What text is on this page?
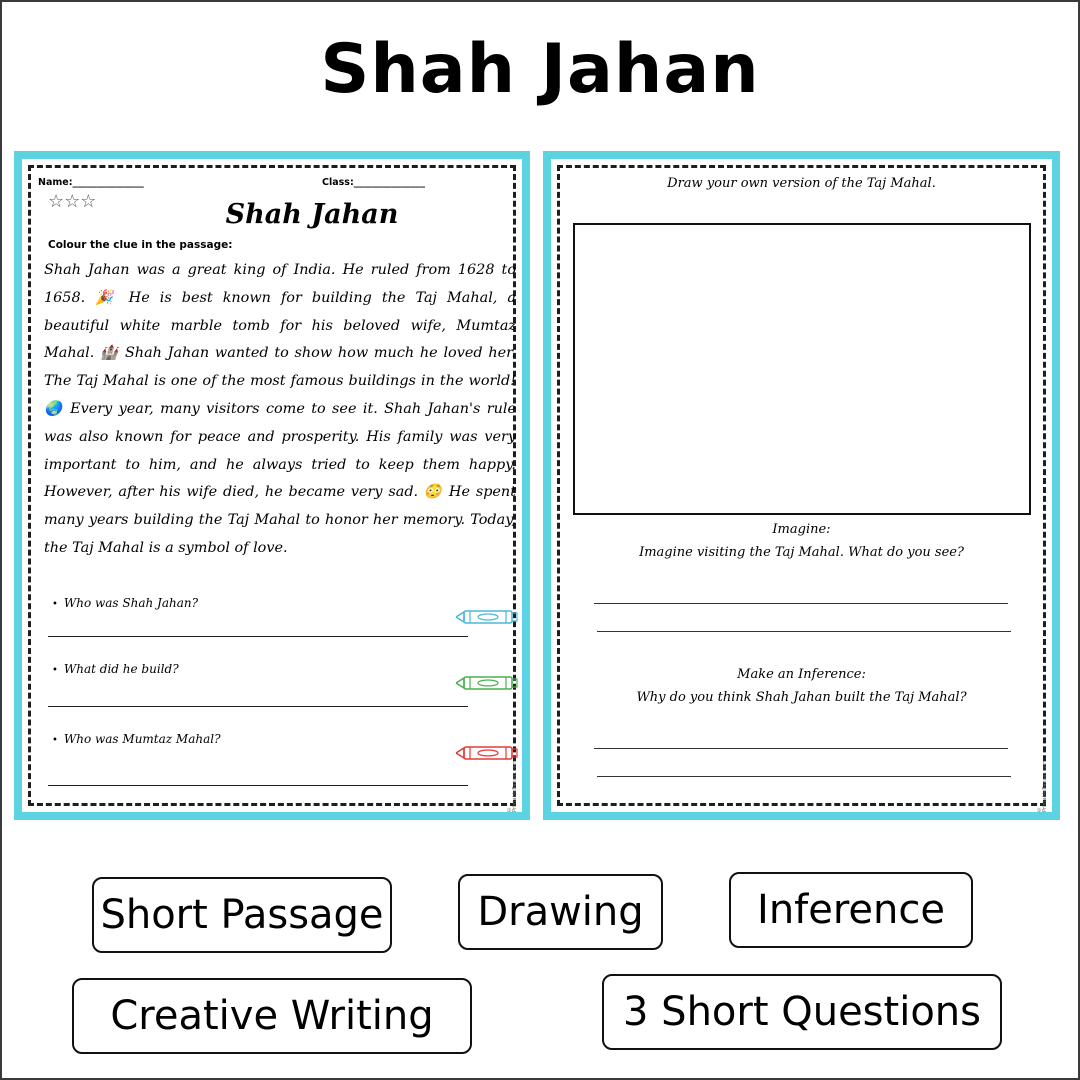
Shah Jahan
Name:_______________	Class:_______________
☆☆☆	Shah Jahan
Colour the clue in the passage:
Shah Jahan was a great king of India. He ruled from 1628 to 1658. 🎉 He is best known for building the Taj Mahal, a beautiful white marble tomb for his beloved wife, Mumtaz Mahal. 🏰 Shah Jahan wanted to show how much he loved her. The Taj Mahal is one of the most famous buildings in the world! 🌏 Every year, many visitors come to see it. Shah Jahan's rule was also known for peace and prosperity. His family was very important to him, and he always tried to keep them happy. However, after his wife died, he became very sad. 😳 He spent many years building the Taj Mahal to honor her memory. Today, the Taj Mahal is a symbol of love.
• Who was Shah Jahan?
• What did he build?
• Who was Mumtaz Mahal?
© PrintableBazaar.com
Draw your own version of the Taj Mahal.
Imagine:
Imagine visiting the Taj Mahal. What do you see?
Make an Inference:
Why do you think Shah Jahan built the Taj Mahal?
© PrintableBazaar.com
Short Passage	Drawing	Inference
Creative Writing	3 Short Questions
